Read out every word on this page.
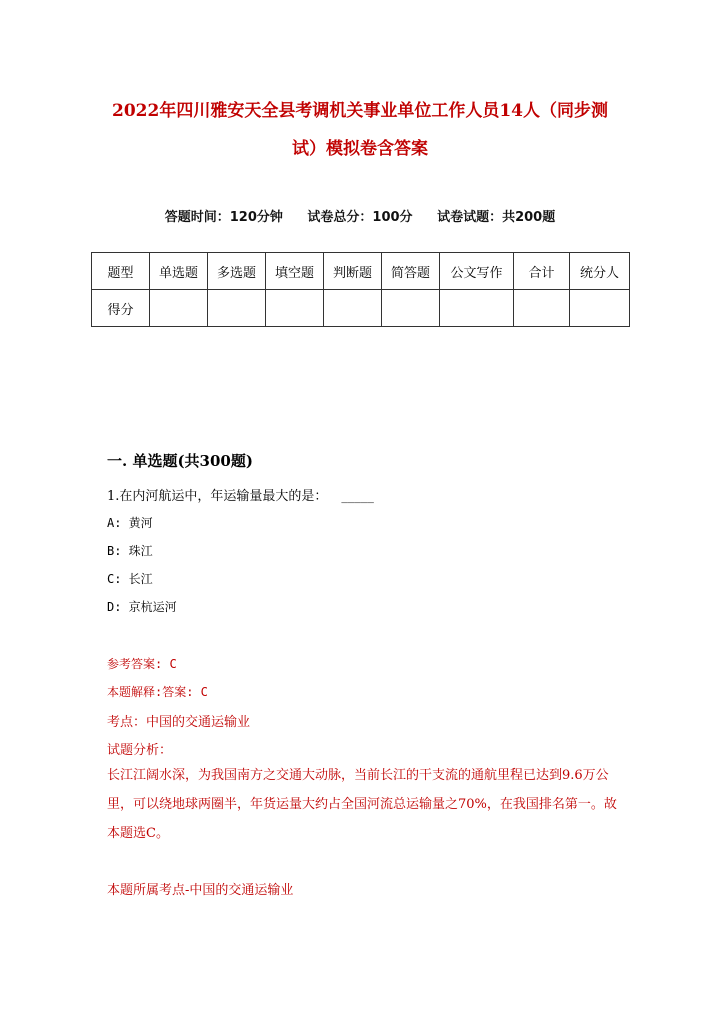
2022年四川雅安天全县考调机关事业单位工作人员14人（同步测
试）模拟卷含答案
答题时间：120分钟 试卷总分：100分 试卷试题：共200题
题型	单选题	多选题	填空题	判断题	简答题	公文写作	合计	统分人
得分								
一. 单选题(共300题)
1.在内河航运中，年运输量最大的是： _____
A: 黄河
B: 珠江
C: 长江
D: 京杭运河
参考答案: C
本题解释:答案: C
考点：中国的交通运输业
试题分析：
长江江阔水深，为我国南方之交通大动脉，当前长江的干支流的通航里程已达到9.6万公里，可以绕地球两圈半，年货运量大约占全国河流总运输量之70%，在我国排名第一。故本题选C。
本题所属考点-中国的交通运输业
